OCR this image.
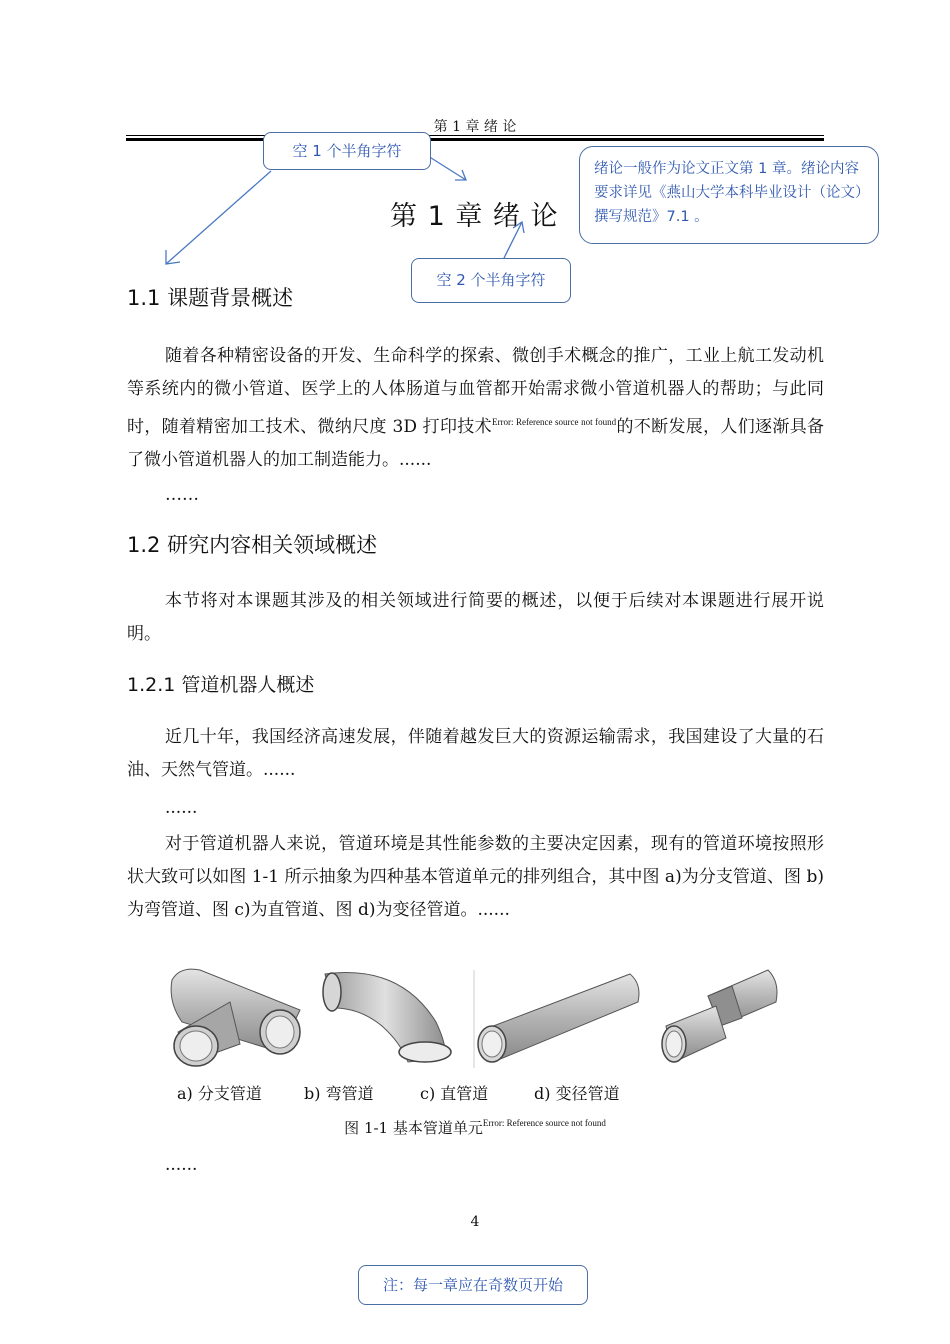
第 1 章 绪 论
第 1 章 绪 论
空 1 个半角字符
空 2 个半角字符
绪论一般作为论文正文第 1 章。绪论内容要求详见《燕山大学本科毕业设计（论文）撰写规范》7.1 。
1.1 课题背景概述
随着各种精密设备的开发、生命科学的探索、微创手术概念的推广，工业上航工发动机等系统内的微小管道、医学上的人体肠道与血管都开始需求微小管道机器人的帮助；与此同时，随着精密加工技术、微纳尺度 3D 打印技术$^{Error: Reference source not found}$的不断发展，人们逐渐具备了微小管道机器人的加工制造能力。......
……
1.2 研究内容相关领域概述
本节将对本课题其涉及的相关领域进行简要的概述，以便于后续对本课题进行展开说明。
1.2.1 管道机器人概述
近几十年，我国经济高速发展，伴随着越发巨大的资源运输需求，我国建设了大量的石油、天然气管道。......
......
对于管道机器人来说，管道环境是其性能参数的主要决定因素，现有的管道环境按照形状大致可以如图 1-1 所示抽象为四种基本管道单元的排列组合，其中图 a)为分支管道、图 b)为弯管道、图 c)为直管道、图 d)为变径管道。......
a) 分支管道	b) 弯管道	c) 直管道	d) 变径管道
图 1-1 基本管道单元$^{Error: Reference source not found}$
......
4
注：每一章应在奇数页开始
